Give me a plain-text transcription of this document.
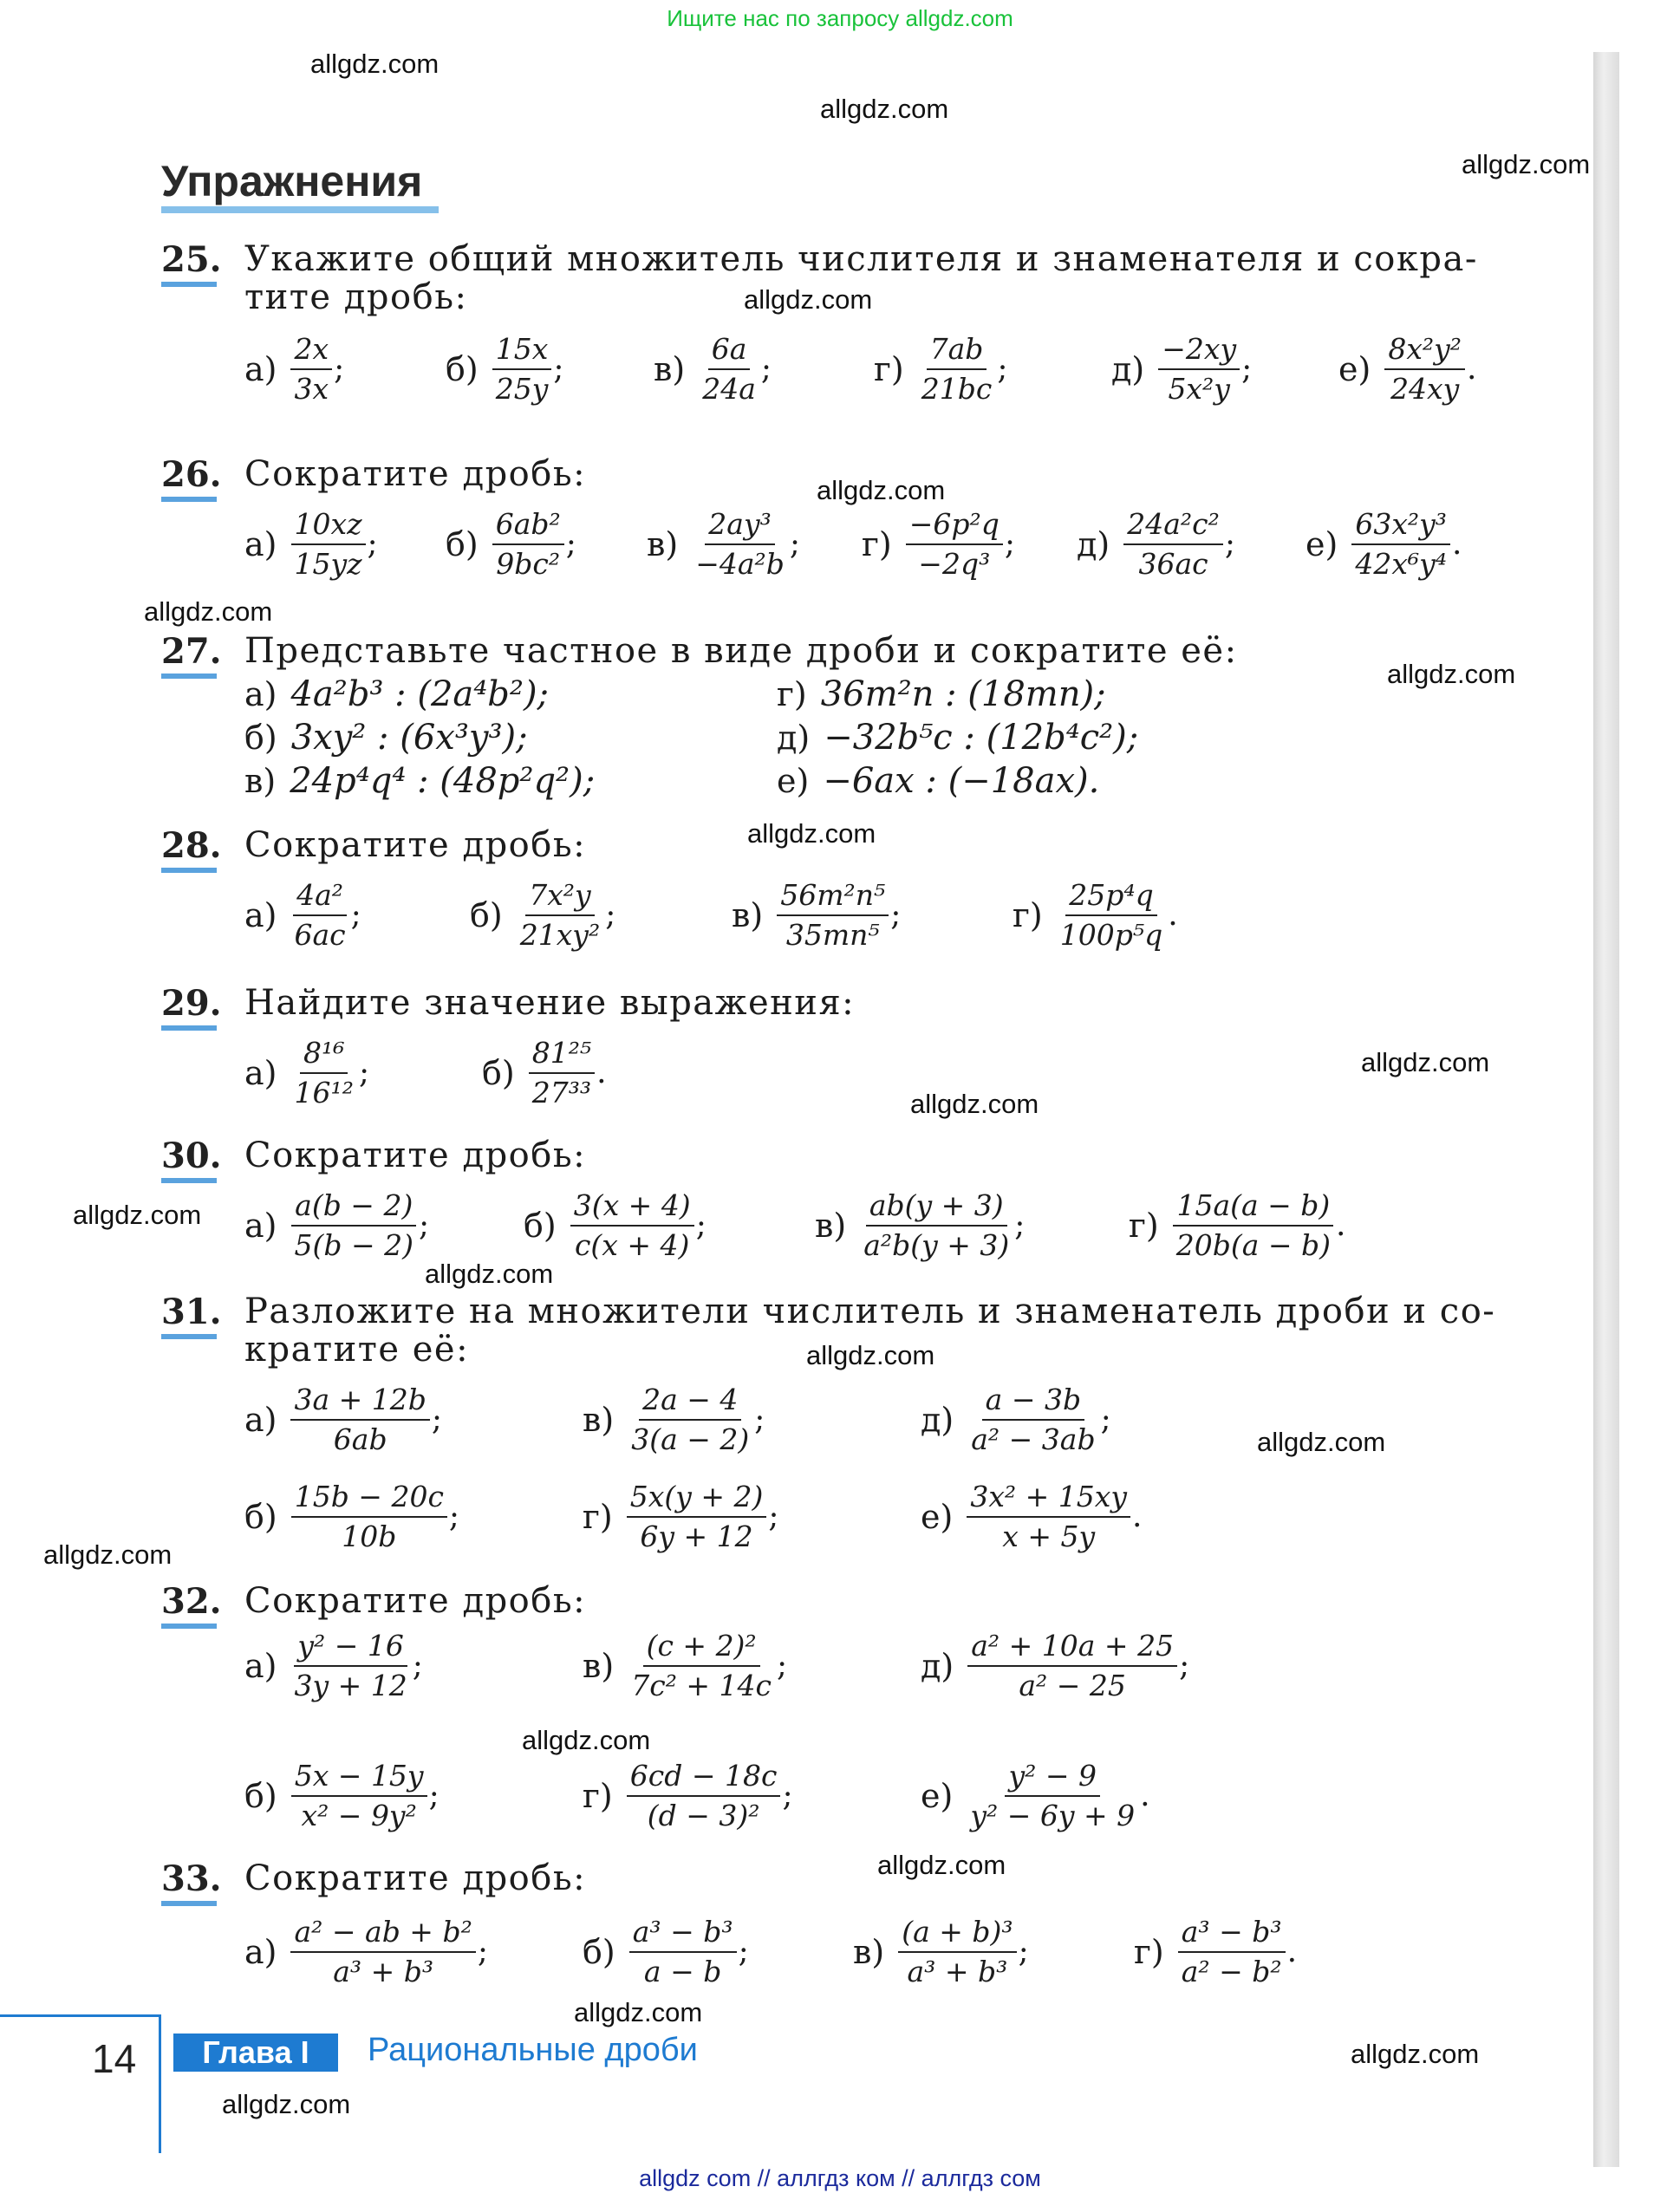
Ищите нас по запросу allgdz.com
allgdz.com
allgdz.com
allgdz.com
allgdz.com
allgdz.com
allgdz.com
allgdz.com
allgdz.com
allgdz.com
allgdz.com
allgdz.com
allgdz.com
allgdz.com
allgdz.com
allgdz.com
allgdz.com
allgdz.com
allgdz.com
allgdz.com
allgdz.com
Упражнения
25. Укажите общий множитель числителя и знаменателя и сокра-
тите дробь:
$а) \frac{2x}{3x}$ ;	$б) \frac{15x}{25y}$ ;	$в) \frac{6a}{24a}$ ;	$г) \frac{7ab}{21bc}$ ;	$д) \frac{-2xy}{\text{5x²y}}$ ;	$е) \frac{\text{8x²y²}}{24xy}$ .
26. Сократите дробь:
$а) \frac{10xz}{15yz}$ ; $б) \frac{\text{6ab²}}{\text{9bc²}}$ ; $в) \frac{\text{2ay³}}{\text{−4a²b}}$ ; $г) \frac{\text{−6p²q}}{\text{−2q³}}$ ; $д) \frac{\text{24a²c²}}{36ac}$ ; $е) \frac{\text{63x²y³}}{\text{42x⁶y⁴}}$ .
27. Представьте частное в виде дроби и сократите её:
а) 4a²b³ : (2a⁴b²);
б) 3xy² : (6x³y³);
в) 24p⁴q⁴ : (48p²q²);
г) 36m²n : (18mn);
д) −32b⁵c : (12b⁴c²);
е) −6ax : (−18ax).
28. Сократите дробь:
$а) \frac{\text{4a²}}{6ac}$ ;	$б) \frac{\text{7x²y}}{\text{21xy²}}$ ;	$в) \frac{\text{56m²n⁵}}{\text{35mn⁵}}$ ;	$г) \frac{\text{25p⁴q}}{\text{100p⁵q}}$ .
29. Найдите значение выражения:
$а) \frac{\text{8¹⁶}}{\text{16¹²}}$ ;	$б) \frac{\text{81²⁵}}{\text{27³³}}$ .
30. Сократите дробь:
$а) \frac{a(b - 2)}{5(b - 2)}$ ;	$б) \frac{3(x + 4)}{c(x + 4)}$ ;	$в) \frac{ab(y + 3)}{\text{a²b(y + 3)}}$ ;	$г) \frac{15a(a - b)}{20b(a - b)}$ .
31. Разложите на множители числитель и знаменатель дроби и со-
кратите её:
$а) \frac{3a + 12b}{6ab}$ ;	$в) \frac{2a - 4}{3(a - 2)}$ ;	$д) \frac{a - 3b}{\text{a² − 3ab}}$ ;
$б) \frac{15b - 20c}{10b}$ ;	$г) \frac{5x(y + 2)}{6y + 12}$ ;	$е) \frac{\text{3x² + 15xy}}{x + 5y}$ .
32. Сократите дробь:
$а) \frac{\text{y² − 16}}{3y + 12}$ ;	$в) \frac{\text{(c + 2)²}}{\text{7c² + 14c}}$ ;	$д) \frac{\text{a² + 10a + 25}}{\text{a² − 25}}$ ;
$б) \frac{5x - 15y}{\text{x² − 9y²}}$ ;	$г) \frac{6cd - 18c}{\text{(d − 3)²}}$ ;	$е) \frac{\text{y² − 9}}{\text{y² − 6y + 9}}$ .
33. Сократите дробь:
$а) \frac{\text{a² − ab + b²}}{\text{a³ + b³}}$ ;	$б) \frac{\text{a³ − b³}}{a - b}$ ;	$в) \frac{\text{(a + b)³}}{\text{a³ + b³}}$ ;	$г) \frac{\text{a³ − b³}}{\text{a² − b²}}$ .
14	Глава I	Рациональные дроби
allgdz com // аллгдз ком // аллгдз сом
